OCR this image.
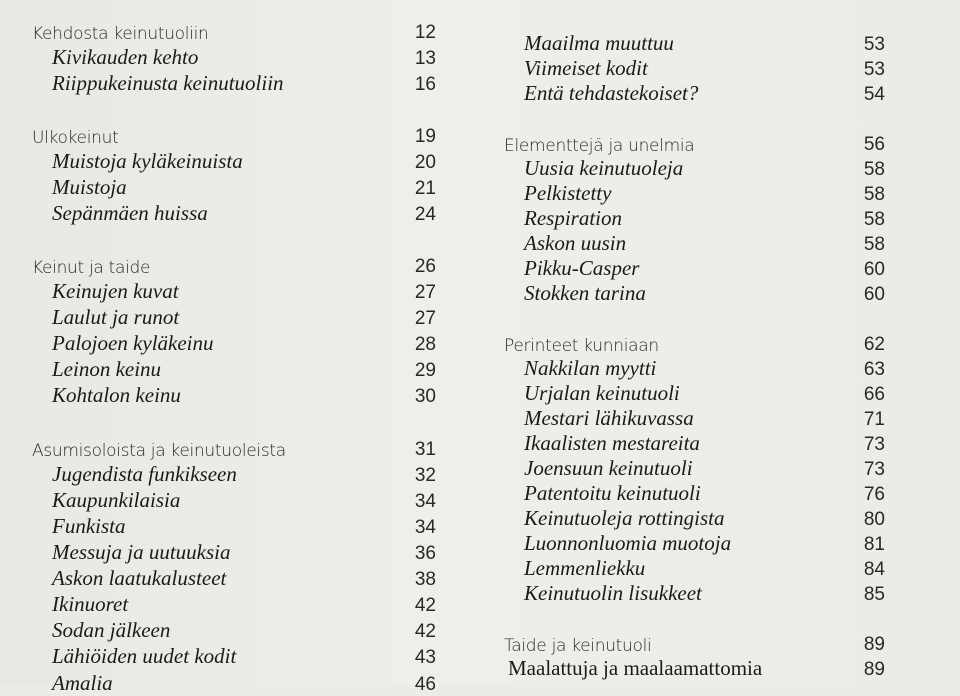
Kehdosta keinutuoliin	12
Kivikauden kehto	13
Riippukeinusta keinutuoliin	16
Ulkokeinut	19
Muistoja kyläkeinuista	20
Muistoja	21
Sepänmäen huissa	24
Keinut ja taide	26
Keinujen kuvat	27
Laulut ja runot	27
Palojoen kyläkeinu	28
Leinon keinu	29
Kohtalon keinu	30
Asumisoloista ja keinutuoleista	31
Jugendista funkikseen	32
Kaupunkilaisia	34
Funkista	34
Messuja ja uutuuksia	36
Askon laatukalusteet	38
Ikinuoret	42
Sodan jälkeen	42
Lähiöiden uudet kodit	43
Amalia	46
Maailma muuttuu	53
Viimeiset kodit	53
Entä tehdastekoiset?	54
Elementtejä ja unelmia	56
Uusia keinutuoleja	58
Pelkistetty	58
Respiration	58
Askon uusin	58
Pikku-Casper	60
Stokken tarina	60
Perinteet kunniaan	62
Nakkilan myytti	63
Urjalan keinutuoli	66
Mestari lähikuvassa	71
Ikaalisten mestareita	73
Joensuun keinutuoli	73
Patentoitu keinutuoli	76
Keinutuoleja rottingista	80
Luonnonluomia muotoja	81
Lemmenliekku	84
Keinutuolin lisukkeet	85
Taide ja keinutuoli	89
Maalattuja ja maalaamattomia	89
